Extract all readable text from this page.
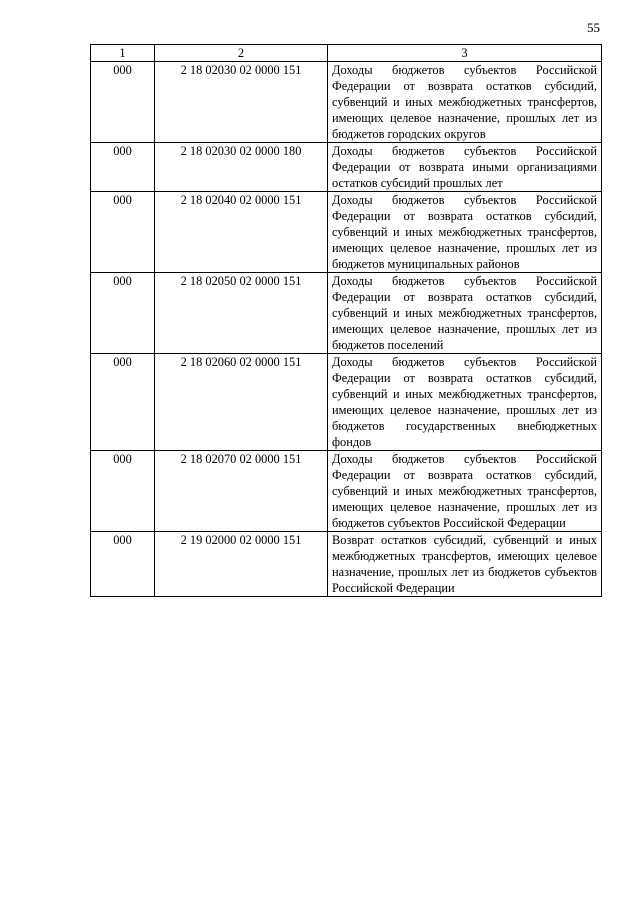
55
1	2	3
000	2 18 02030 02 0000 151	Доходы бюджетов субъектов Российской Федерации от возврата остатков субсидий, субвенций и иных межбюджетных трансфертов, имеющих целевое назначение, прошлых лет из бюджетов городских округов
000	2 18 02030 02 0000 180	Доходы бюджетов субъектов Российской Федерации от возврата иными организациями остатков субсидий прошлых лет
000	2 18 02040 02 0000 151	Доходы бюджетов субъектов Российской Федерации от возврата остатков субсидий, субвенций и иных межбюджетных трансфертов, имеющих целевое назначение, прошлых лет из бюджетов муниципальных районов
000	2 18 02050 02 0000 151	Доходы бюджетов субъектов Российской Федерации от возврата остатков субсидий, субвенций и иных межбюджетных трансфертов, имеющих целевое назначение, прошлых лет из бюджетов поселений
000	2 18 02060 02 0000 151	Доходы бюджетов субъектов Российской Федерации от возврата остатков субсидий, субвенций и иных межбюджетных трансфертов, имеющих целевое назначение, прошлых лет из бюджетов государственных внебюджетных фондов
000	2 18 02070 02 0000 151	Доходы бюджетов субъектов Российской Федерации от возврата остатков субсидий, субвенций и иных межбюджетных трансфертов, имеющих целевое назначение, прошлых лет из бюджетов субъектов Российской Федерации
000	2 19 02000 02 0000 151	Возврат остатков субсидий, субвенций и иных межбюджетных трансфертов, имеющих целевое назначение, прошлых лет из бюджетов субъектов Российской Федерации
